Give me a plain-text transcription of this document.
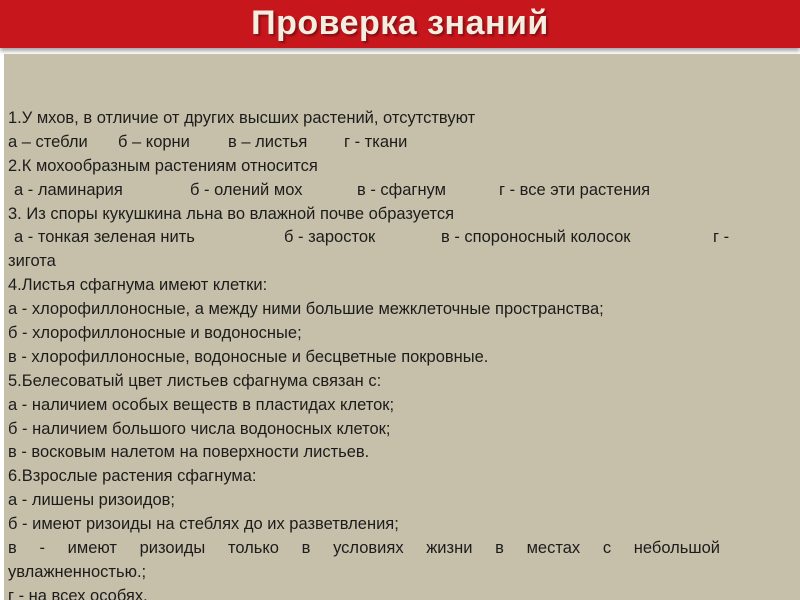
Проверка знаний
1.У мхов, в отличие от других высших растений, отсутствуют
а – стебли	б – корни	в – листья	г - ткани
2.К мохообразным растениям относится
а - ламинария	б - олений мох	в - сфагнум	г - все эти растения
3. Из споры кукушкина льна во влажной почве образуется
а - тонкая зеленая нить	б - заросток	в - спороносный колосок	г -
зигота
4.Листья сфагнума имеют клетки:
а - хлорофиллоносные, а между ними большие межклеточные пространства;
б - хлорофиллоносные и водоносные;
в - хлорофиллоносные, водоносные и бесцветные покровные.
5.Белесоватый цвет листьев сфагнума связан с:
а - наличием особых веществ в пластидах клеток;
б - наличием большого числа водоносных клеток;
в - восковым налетом на поверхности листьев.
6.Взрослые растения сфагнума:
а - лишены ризоидов;
б - имеют ризоиды на стеблях до их разветвления;
в - имеют ризоиды только в условиях жизни в местах с небольшой
увлажненностью.;
г - на всех особях.
